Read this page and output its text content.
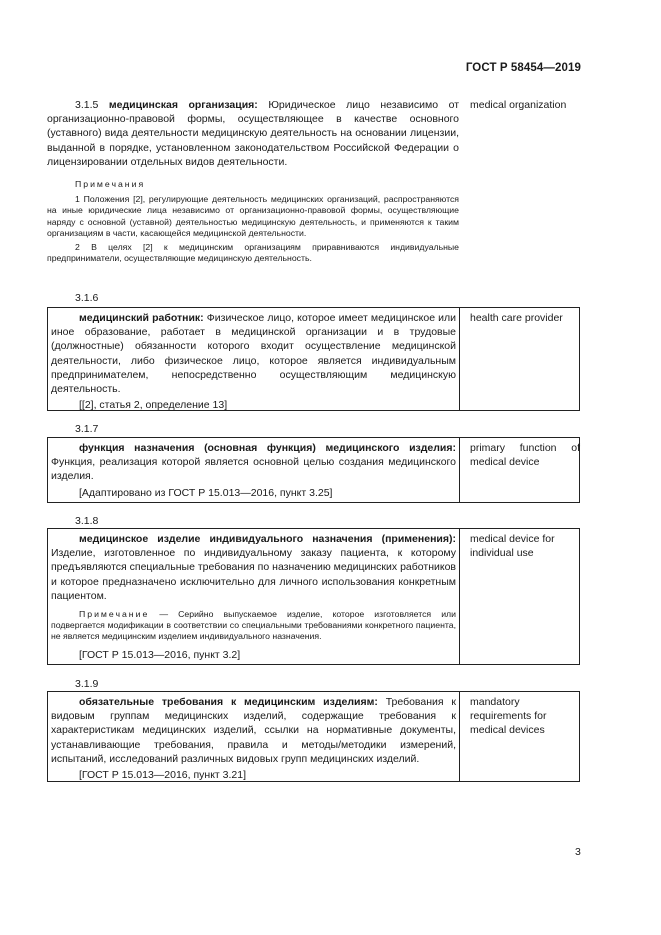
ГОСТ Р 58454—2019

3.1.5 медицинская организация: Юридическое лицо независимо от организационно-правовой формы, осуществляющее в качестве основного (уставного) вида деятельности медицинскую деятельность на основании лицензии, выданной в порядке, установленном законодательством Российской Федерации о лицензировании отдельных видов деятельности.

Примечания

1 Положения [2], регулирующие деятельность медицинских организаций, распространяются на иные юридические лица независимо от организационно-правовой формы, осуществляющие наряду с основной (уставной) деятельностью медицинскую деятельность, и применяются к таким организациям в части, касающейся медицинской деятельности.

2 В целях [2] к медицинским организациям приравниваются индивидуальные предприниматели, осуществляющие медицинскую деятельность.

medical organization
3.1.6

медицинский работник: Физическое лицо, которое имеет медицинское или иное образование, работает в медицинской организации и в трудовые (должностные) обязанности которого входит осуществление медицинской деятельности, либо физическое лицо, которое является индивидуальным предпринимателем, непосредственно осуществляющим медицинскую деятельность.

[[2], статья 2, определение 13]

health care provider
3.1.7

функция назначения (основная функция) медицинского изделия: Функция, реализация которой является основной целью создания медицинского изделия.

[Адаптировано из ГОСТ Р 15.013—2016, пункт 3.25]

primary function of medical device
3.1.8

медицинское изделие индивидуального назначения (применения): Изделие, изготовленное по индивидуальному заказу пациента, к которому предъявляются специальные требования по назначению медицинских работников и которое предназначено исключительно для личного использования конкретным пациентом.

Примечание — Серийно выпускаемое изделие, которое изготовляется или подвергается модификации в соответствии со специальными требованиями конкретного пациента, не является медицинским изделием индивидуального назначения.

[ГОСТ Р 15.013—2016, пункт 3.2]

medical device for individual use
3.1.9

обязательные требования к медицинским изделиям: Требования к видовым группам медицинских изделий, содержащие требования к характеристикам медицинских изделий, ссылки на нормативные документы, устанавливающие требования, правила и методы/методики измерений, испытаний, исследований различных видовых групп медицинских изделий.

[ГОСТ Р 15.013—2016, пункт 3.21]

mandatory requirements for medical devices
3
